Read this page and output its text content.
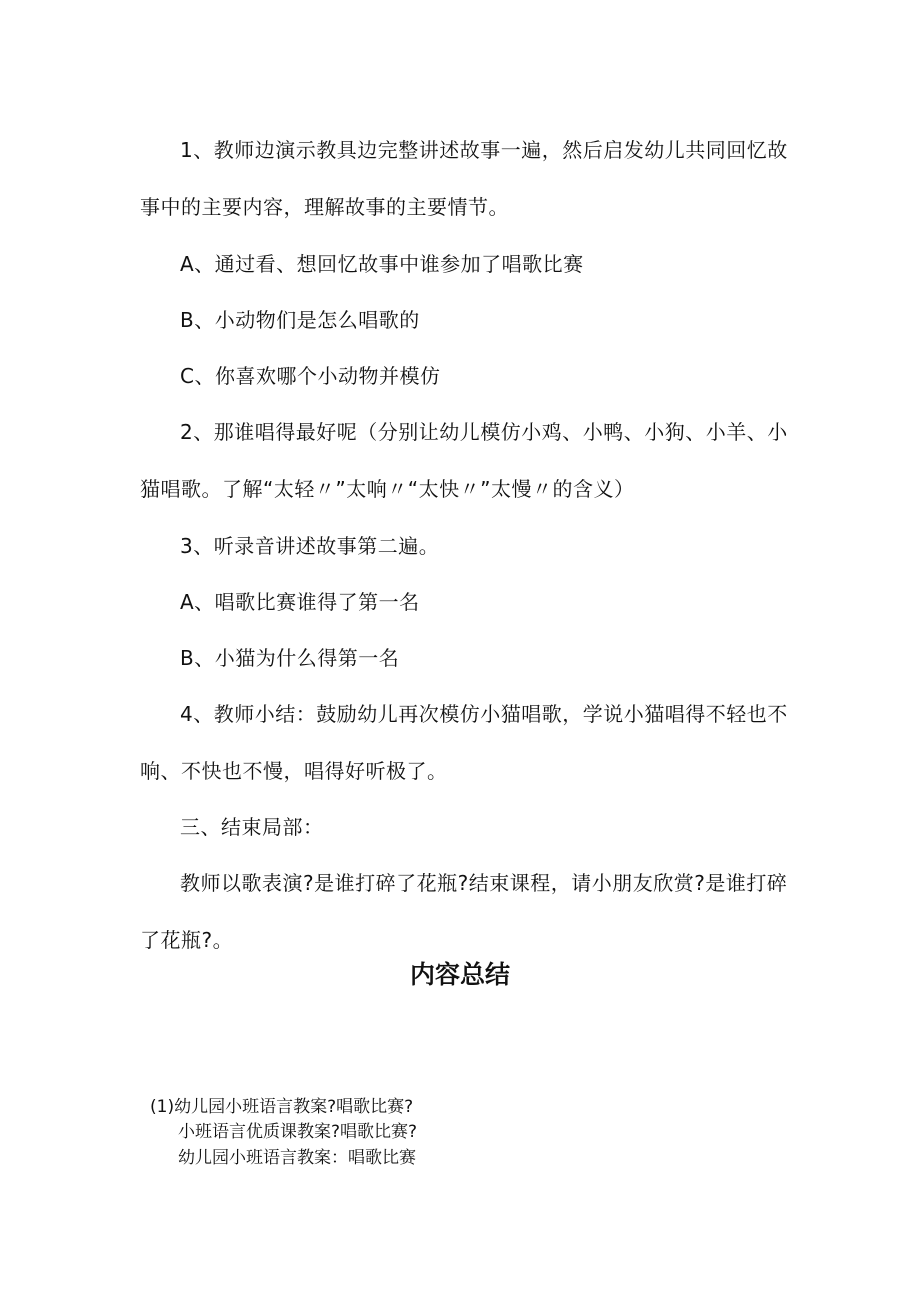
1、教师边演示教具边完整讲述故事一遍，然后启发幼儿共同回忆故

事中的主要内容，理解故事的主要情节。

A、通过看、想回忆故事中谁参加了唱歌比赛

B、小动物们是怎么唱歌的

C、你喜欢哪个小动物并模仿

2、那谁唱得最好呢（分别让幼儿模仿小鸡、小鸭、小狗、小羊、小

猫唱歌。了解“太轻〃”太响〃“太快〃”太慢〃的含义）

3、听录音讲述故事第二遍。

A、唱歌比赛谁得了第一名

B、小猫为什么得第一名

4、教师小结：鼓励幼儿再次模仿小猫唱歌，学说小猫唱得不轻也不

响、不快也不慢，唱得好听极了。

三、结束局部：

教师以歌表演?是谁打碎了花瓶?结束课程，请小朋友欣赏?是谁打碎

了花瓶?。

内容总结

(1)幼儿园小班语言教案?唱歌比赛?

小班语言优质课教案?唱歌比赛?

幼儿园小班语言教案：唱歌比赛
